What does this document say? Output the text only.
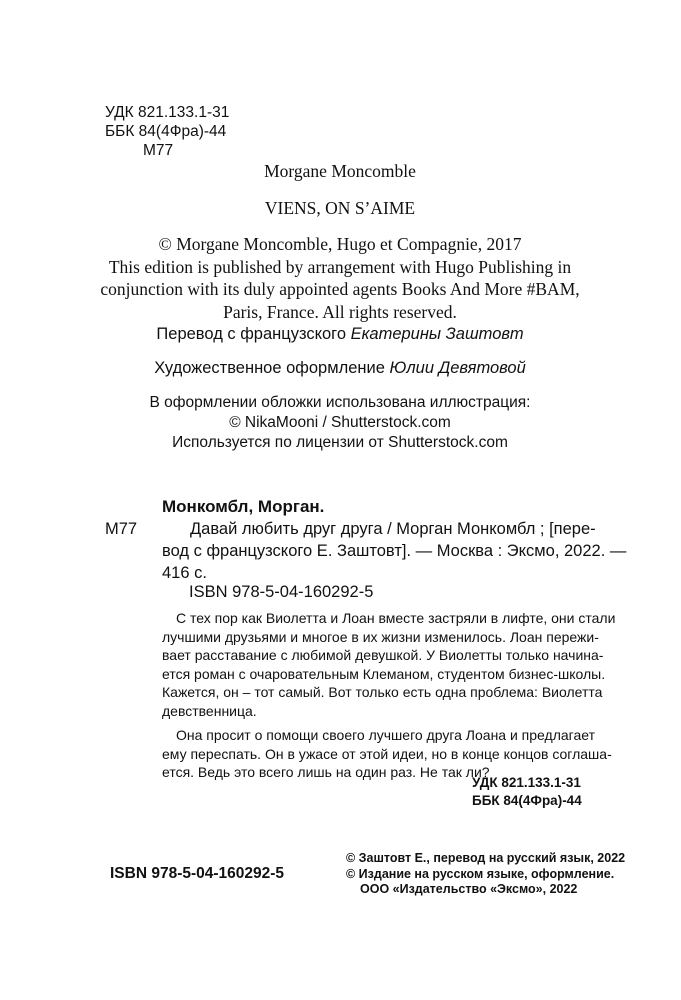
УДК 821.133.1-31
ББК 84(4Фра)-44
М77
Morgane Moncomble
VIENS, ON S’AIME
© Morgane Moncomble, Hugo et Compagnie, 2017
This edition is published by arrangement with Hugo Publishing in
conjunction with its duly appointed agents Books And More #BAM,
Paris, France. All rights reserved.
Перевод с французского Екатерины Заштовт
Художественное оформление Юлии Девятовой
В оформлении обложки использована иллюстрация:
© NikaMooni / Shutterstock.com
Используется по лицензии от Shutterstock.com
Монкомбл, Морган.
М77	Давай любить друг друга / Морган Монкомбл ; [пере-
вод с французского Е. Заштовт]. — Москва : Эксмо, 2022. —
416 с.
ISBN 978-5-04-160292-5
С тех пор как Виолетта и Лоан вместе застряли в лифте, они стали
лучшими друзьями и многое в их жизни изменилось. Лоан пережи-
вает расставание с любимой девушкой. У Виолетты только начина-
ется роман с очаровательным Клеманом, студентом бизнес-школы.
Кажется, он – тот самый. Вот только есть одна проблема: Виолетта
девственница.
Она просит о помощи своего лучшего друга Лоана и предлагает
ему переспать. Он в ужасе от этой идеи, но в конце концов соглаша-
ется. Ведь это всего лишь на один раз. Не так ли?
УДК 821.133.1-31
ББК 84(4Фра)-44
ISBN 978-5-04-160292-5
© Заштовт Е., перевод на русский язык, 2022
© Издание на русском языке, оформление.
ООО «Издательство «Эксмо», 2022
